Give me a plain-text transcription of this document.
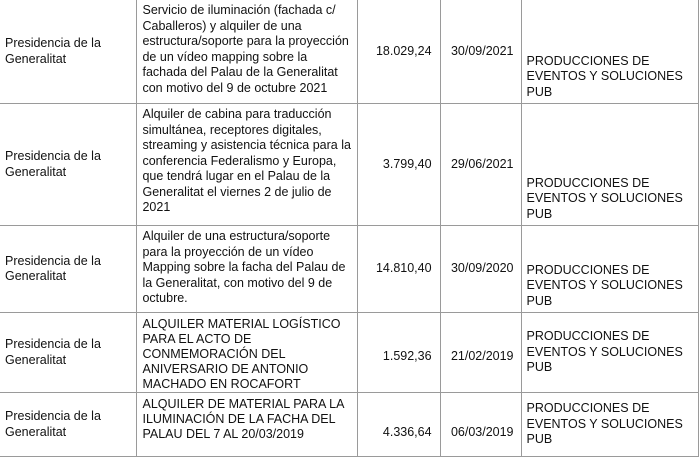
Presidencia de la Generalitat	Servicio de iluminación (fachada c/ Caballeros) y alquiler de una estructura/soporte para la proyección de un vídeo mapping sobre la fachada del Palau de la Generalitat con motivo del 9 de octubre 2021	18.029,24	30/09/2021	PRODUCCIONES DE EVENTOS Y SOLUCIONES PUB
Presidencia de la Generalitat	Alquiler de cabina para traducción simultánea, receptores digitales, streaming y asistencia técnica para la conferencia Federalismo y Europa, que tendrá lugar en el Palau de la Generalitat el viernes 2 de julio de 2021	3.799,40	29/06/2021	PRODUCCIONES DE EVENTOS Y SOLUCIONES PUB
Presidencia de la Generalitat	Alquiler de una estructura/soporte para la proyección de un vídeo Mapping sobre la facha del Palau de la Generalitat, con motivo del 9 de octubre.	14.810,40	30/09/2020	PRODUCCIONES DE EVENTOS Y SOLUCIONES PUB
Presidencia de la Generalitat	ALQUILER MATERIAL LOGÍSTICO PARA EL ACTO DE CONMEMORACIÓN DEL ANIVERSARIO DE ANTONIO MACHADO EN ROCAFORT	1.592,36	21/02/2019	PRODUCCIONES DE EVENTOS Y SOLUCIONES PUB
Presidencia de la Generalitat	ALQUILER DE MATERIAL PARA LA ILUMINACIÓN DE LA FACHA DEL PALAU DEL 7 AL 20/03/2019	4.336,64	06/03/2019	PRODUCCIONES DE EVENTOS Y SOLUCIONES PUB
